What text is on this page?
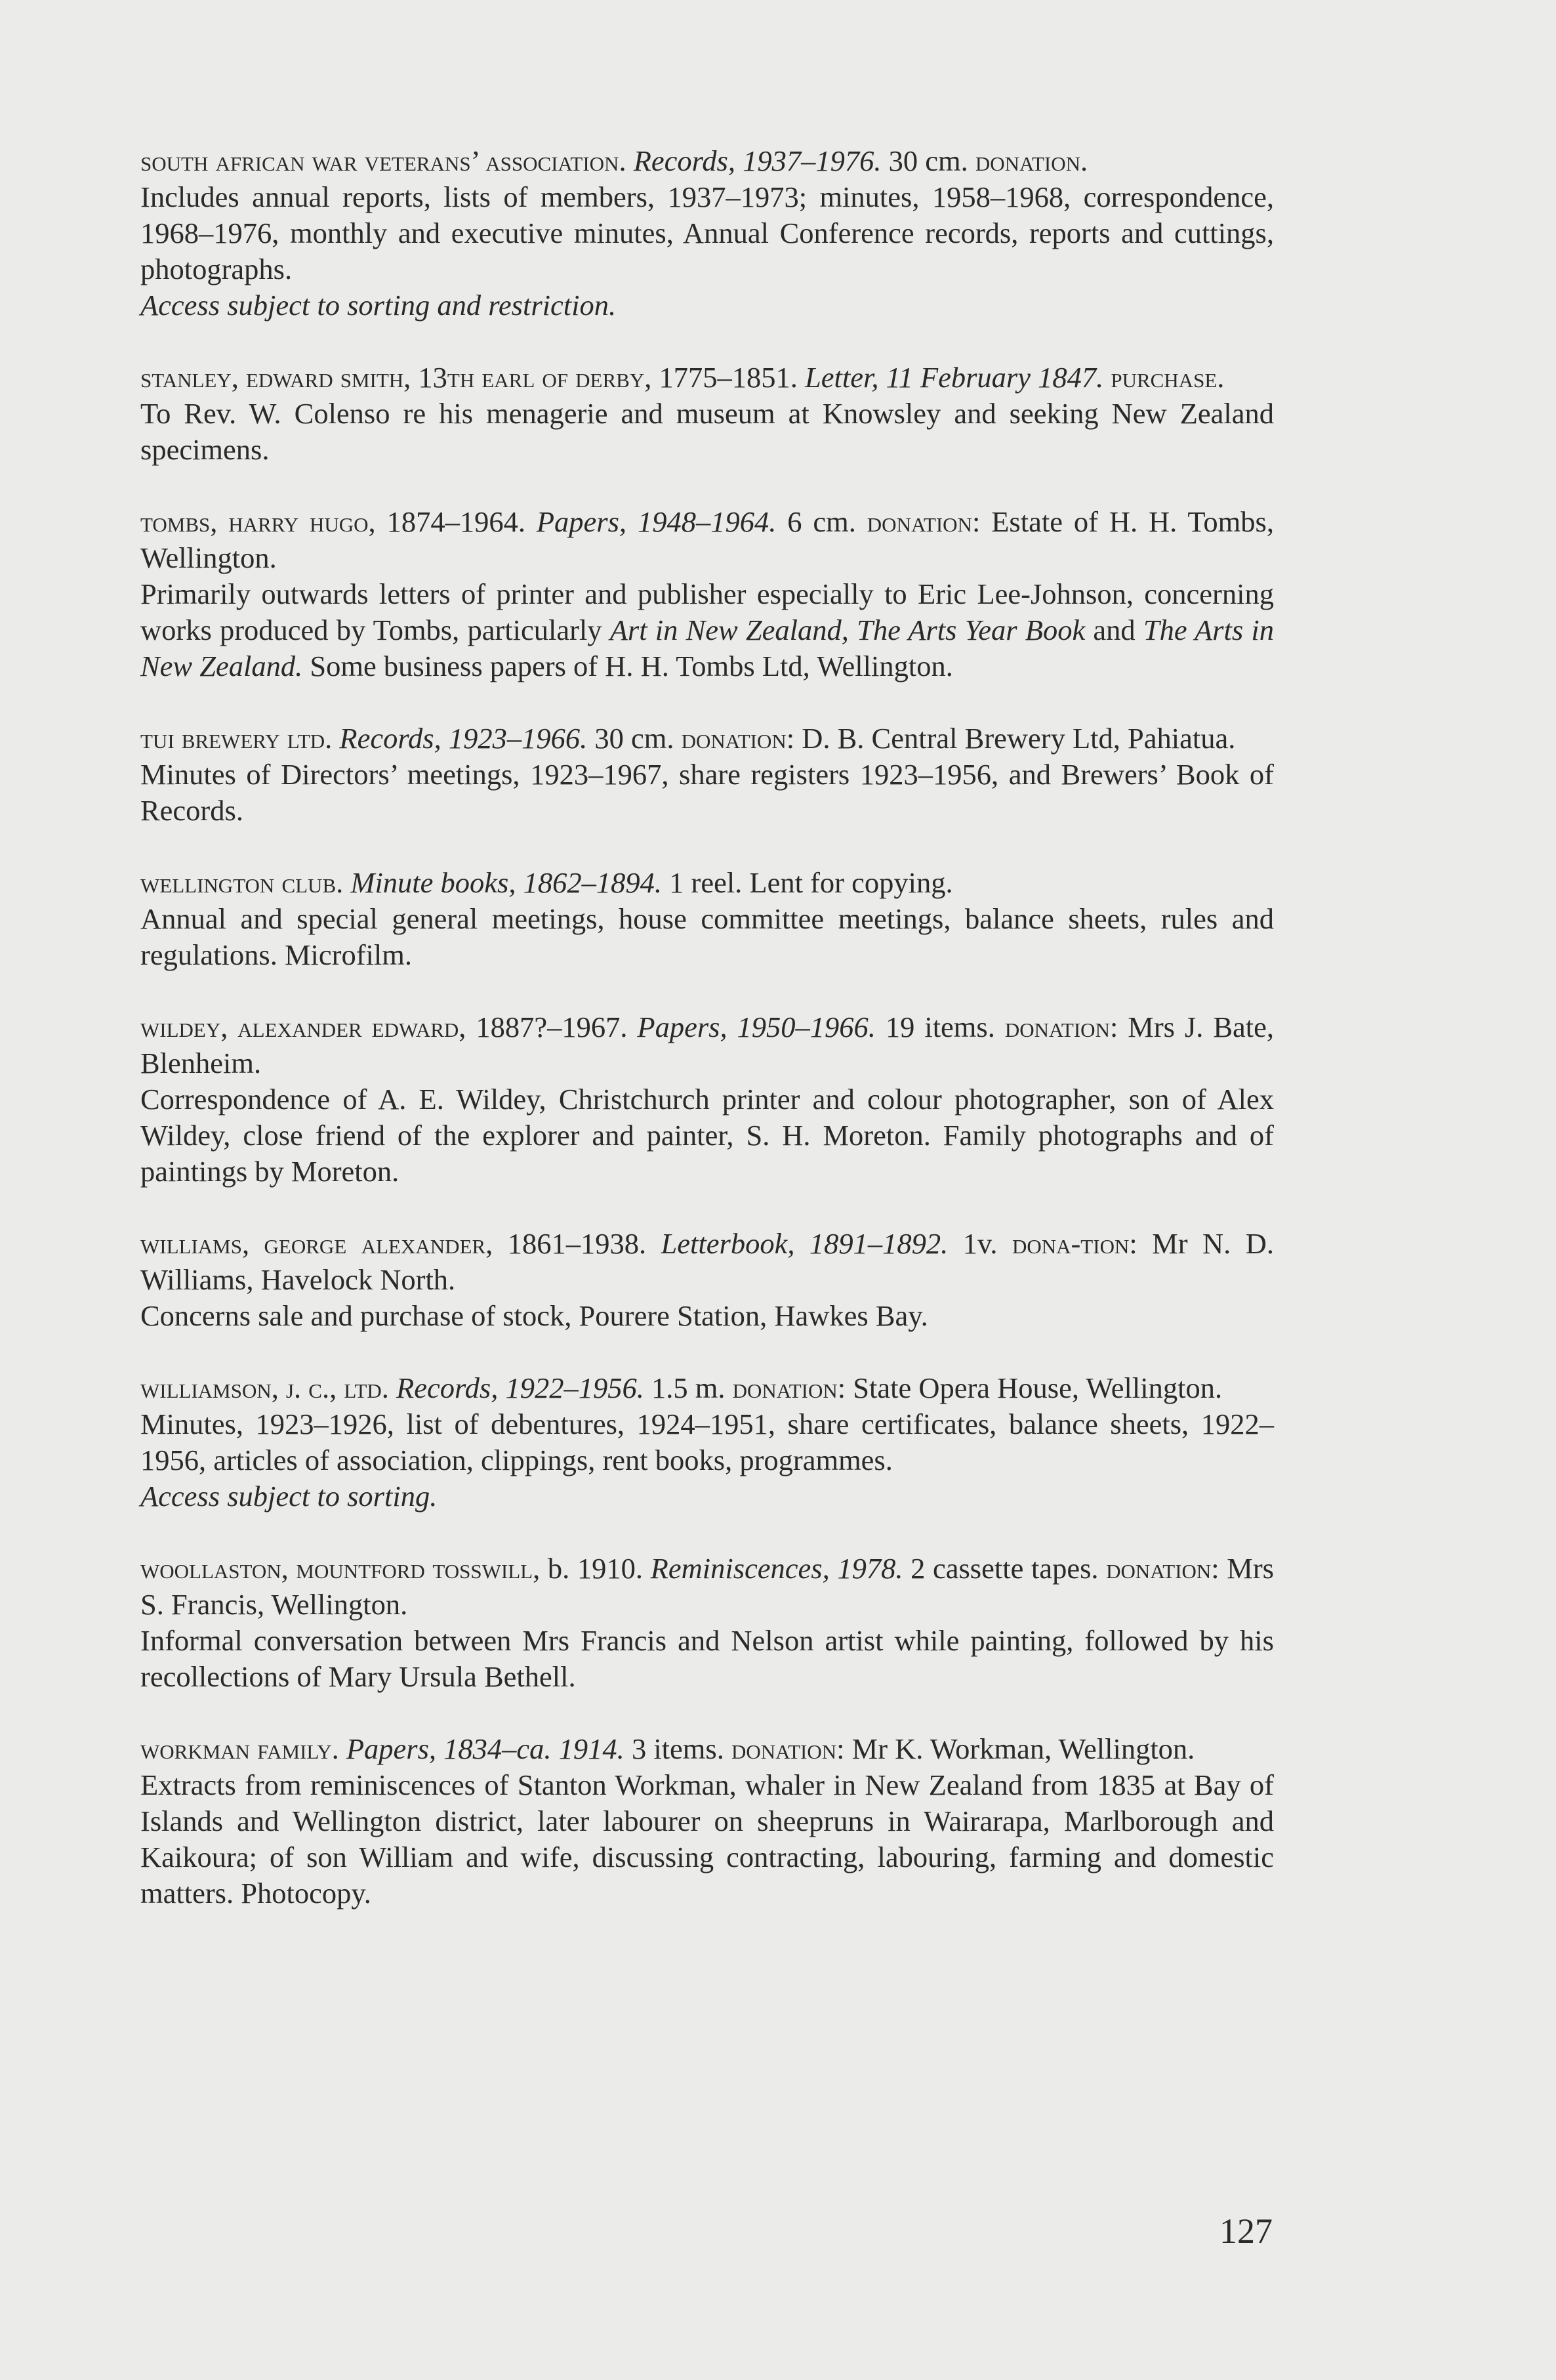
south african war veterans’ association. Records, 1937–1976. 30 cm. donation.

Includes annual reports, lists of members, 1937–1973; minutes, 1958–1968, correspondence, 1968–1976, monthly and executive minutes, Annual Conference records, reports and cuttings, photographs.

Access subject to sorting and restriction.

stanley, edward smith, 13th earl of derby, 1775–1851. Letter, 11 February 1847. purchase.

To Rev. W. Colenso re his menagerie and museum at Knowsley and seeking New Zealand specimens.

tombs, harry hugo, 1874–1964. Papers, 1948–1964. 6 cm. donation: Estate of H. H. Tombs, Wellington.

Primarily outwards letters of printer and publisher especially to Eric Lee-Johnson, concerning works produced by Tombs, particularly Art in New Zealand, The Arts Year Book and The Arts in New Zealand. Some business papers of H. H. Tombs Ltd, Wellington.

tui brewery ltd. Records, 1923–1966. 30 cm. donation: D. B. Central Brewery Ltd, Pahiatua.

Minutes of Directors’ meetings, 1923–1967, share registers 1923–1956, and Brewers’ Book of Records.

wellington club. Minute books, 1862–1894. 1 reel. Lent for copying.

Annual and special general meetings, house committee meetings, balance sheets, rules and regulations. Microfilm.

wildey, alexander edward, 1887?–1967. Papers, 1950–1966. 19 items. donation: Mrs J. Bate, Blenheim.

Correspondence of A. E. Wildey, Christchurch printer and colour photographer, son of Alex Wildey, close friend of the explorer and painter, S. H. Moreton. Family photographs and of paintings by Moreton.

williams, george alexander, 1861–1938. Letterbook, 1891–1892. 1v. dona-tion: Mr N. D. Williams, Havelock North.

Concerns sale and purchase of stock, Pourere Station, Hawkes Bay.

williamson, j. c., ltd. Records, 1922–1956. 1.5 m. donation: State Opera House, Wellington.

Minutes, 1923–1926, list of debentures, 1924–1951, share certificates, balance sheets, 1922–1956, articles of association, clippings, rent books, programmes.

Access subject to sorting.

woollaston, mountford tosswill, b. 1910. Reminiscences, 1978. 2 cassette tapes. donation: Mrs S. Francis, Wellington.

Informal conversation between Mrs Francis and Nelson artist while painting, followed by his recollections of Mary Ursula Bethell.

workman family. Papers, 1834–ca. 1914. 3 items. donation: Mr K. Workman, Wellington.

Extracts from reminiscences of Stanton Workman, whaler in New Zealand from 1835 at Bay of Islands and Wellington district, later labourer on sheepruns in Wairarapa, Marlborough and Kaikoura; of son William and wife, discussing contracting, labouring, farming and domestic matters. Photocopy.

127
